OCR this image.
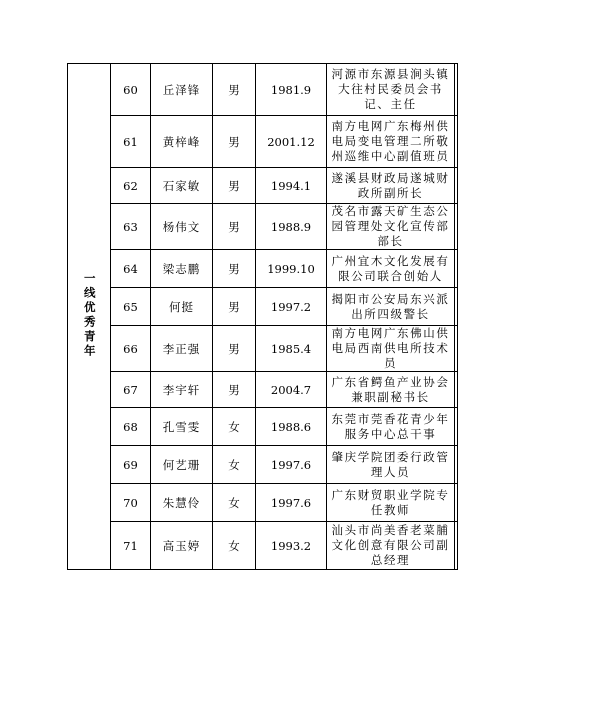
一线优秀青年	60	丘泽锋	男	1981.9	河源市东源县涧头镇大往村民委员会书记、主任	
	61	黄梓峰	男	2001.12	南方电网广东梅州供电局变电管理二所敬州巡维中心副值班员	
	62	石家敏	男	1994.1	遂溪县财政局遂城财政所副所长	
	63	杨伟文	男	1988.9	茂名市露天矿生态公园管理处文化宣传部部长	
	64	梁志鹏	男	1999.10	广州宜木文化发展有限公司联合创始人	
	65	何挺	男	1997.2	揭阳市公安局东兴派出所四级警长	
	66	李正强	男	1985.4	南方电网广东佛山供电局西南供电所技术员	
	67	李宇轩	男	2004.7	广东省鳄鱼产业协会兼职副秘书长	
	68	孔雪雯	女	1988.6	东莞市莞香花青少年服务中心总干事	
	69	何艺珊	女	1997.6	肇庆学院团委行政管理人员	
	70	朱慧伶	女	1997.6	广东财贸职业学院专任教师	
	71	高玉婷	女	1993.2	汕头市尚美香老菜脯文化创意有限公司副总经理	
